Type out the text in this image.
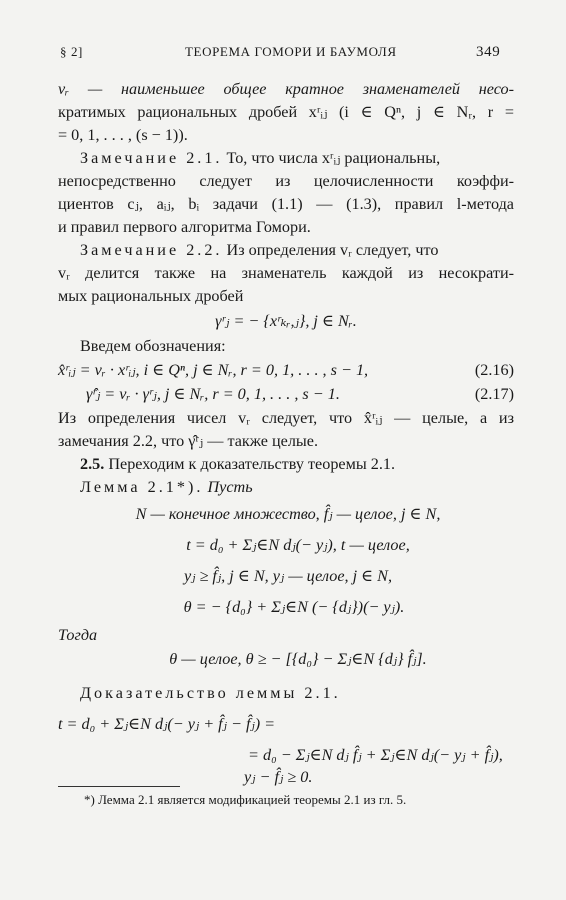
§ 2]	ТЕОРЕМА ГОМОРИ И БАУМОЛЯ	349
vᵣ — наименьшее общее кратное знаменателей несо-
кратимых рациональных дробей xʳᵢⱼ (i ∈ Qⁿ, j ∈ Nᵣ, r =
= 0, 1, . . . , (s − 1)).
Замечание 2.1. То, что числа xʳᵢⱼ рациональны,
непосредственно следует из целочисленности коэффи-
циентов cⱼ, aᵢⱼ, bᵢ задачи (1.1) — (1.3), правил l-метода
и правил первого алгоритма Гомори.
Замечание 2.2. Из определения vᵣ следует, что
vᵣ делится также на знаменатель каждой из несократи-
мых рациональных дробей
γʳⱼ = − {xʳₖᵣ,ⱼ}, j ∈ Nᵣ.
Введем обозначения:
x̂ʳᵢⱼ = vᵣ · xʳᵢⱼ, i ∈ Qⁿ, j ∈ Nᵣ, r = 0, 1, . . . , s − 1,	(2.16)
γ̂ʳⱼ = vᵣ · γʳⱼ, j ∈ Nᵣ, r = 0, 1, . . . , s − 1.	(2.17)
Из определения чисел vᵣ следует, что x̂ʳᵢⱼ — целые, а из
замечания 2.2, что γ̂ʳⱼ — также целые.
2.5. Переходим к доказательству теоремы 2.1.
Лемма 2.1*). Пусть
N — конечное множество, f̂ⱼ — целое, j ∈ N,
t = d₀ + Σⱼ∈N dⱼ(− yⱼ), t — целое,
yⱼ ≥ f̂ⱼ, j ∈ N, yⱼ — целое, j ∈ N,
θ = − {d₀} + Σⱼ∈N (− {dⱼ})(− yⱼ).
Тогда
θ — целое, θ ≥ − [{d₀} − Σⱼ∈N {dⱼ} f̂ⱼ].
Доказательство леммы 2.1.
t = d₀ + Σⱼ∈N dⱼ(− yⱼ + f̂ⱼ − f̂ⱼ) =
= d₀ − Σⱼ∈N dⱼ f̂ⱼ + Σⱼ∈N dⱼ(− yⱼ + f̂ⱼ),
yⱼ − f̂ⱼ ≥ 0.
*) Лемма 2.1 является модификацией теоремы 2.1 из гл. 5.
